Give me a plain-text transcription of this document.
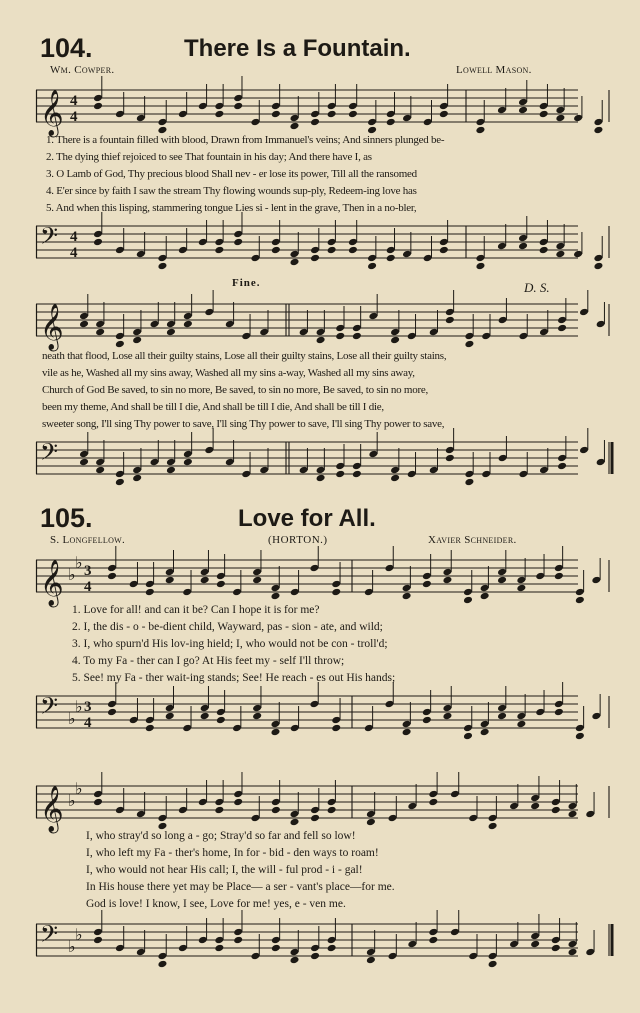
104.	There Is a Fountain.
Wm. Cowper.	Lowell Mason.
𝄞 4
4
1. There is a fountain filled with blood, Drawn from Immanuel's veins; And sinners plunged be-
2. The dying thief rejoiced to see That fountain in his day; And there have I, as
3. O Lamb of God, Thy precious blood Shall nev - er lose its power, Till all the ransomed
4. E'er since by faith I saw the stream Thy flowing wounds sup-ply, Redeem-ing love has
5. And when this lisping, stammering tongue Lies si - lent in the grave, Then in a no-bler,
𝄢 4
4
Fine.	D. S.
𝄞
neath that flood, Lose all their guilty stains, Lose all their guilty stains, Lose all their guilty stains,
vile as he, Washed all my sins away, Washed all my sins a-way, Washed all my sins away,
Church of God Be saved, to sin no more, Be saved, to sin no more, Be saved, to sin no more,
been my theme, And shall be till I die, And shall be till I die, And shall be till I die,
sweeter song, I'll sing Thy power to save, I'll sing Thy power to save, I'll sing Thy power to save,
𝄢
105.	Love for All.
S. Longfellow.	(HORTON.)	Xavier Schneider.
𝄞 ♭
♭ 3
4
1. Love for all! and can it be? Can I hope it is for me?
2. I, the dis - o - be-dient child, Wayward, pas - sion - ate, and wild;
3. I, who spurn'd His lov-ing hield; I, who would not be con - troll'd;
4. To my Fa - ther can I go? At His feet my - self I'll throw;
5. See! my Fa - ther wait-ing stands; See! He reach - es out His hands;
𝄢 ♭
♭ 3
4
𝄞 ♭
♭
I, who stray'd so long a - go; Stray'd so far and fell so low!
I, who left my Fa - ther's home, In for - bid - den ways to roam!
I, who would not hear His call; I, the will - ful prod - i - gal!
In His house there yet may be Place— a ser - vant's place—for me.
God is love! I know, I see, Love for me! yes, e - ven me.
𝄢 ♭
♭
